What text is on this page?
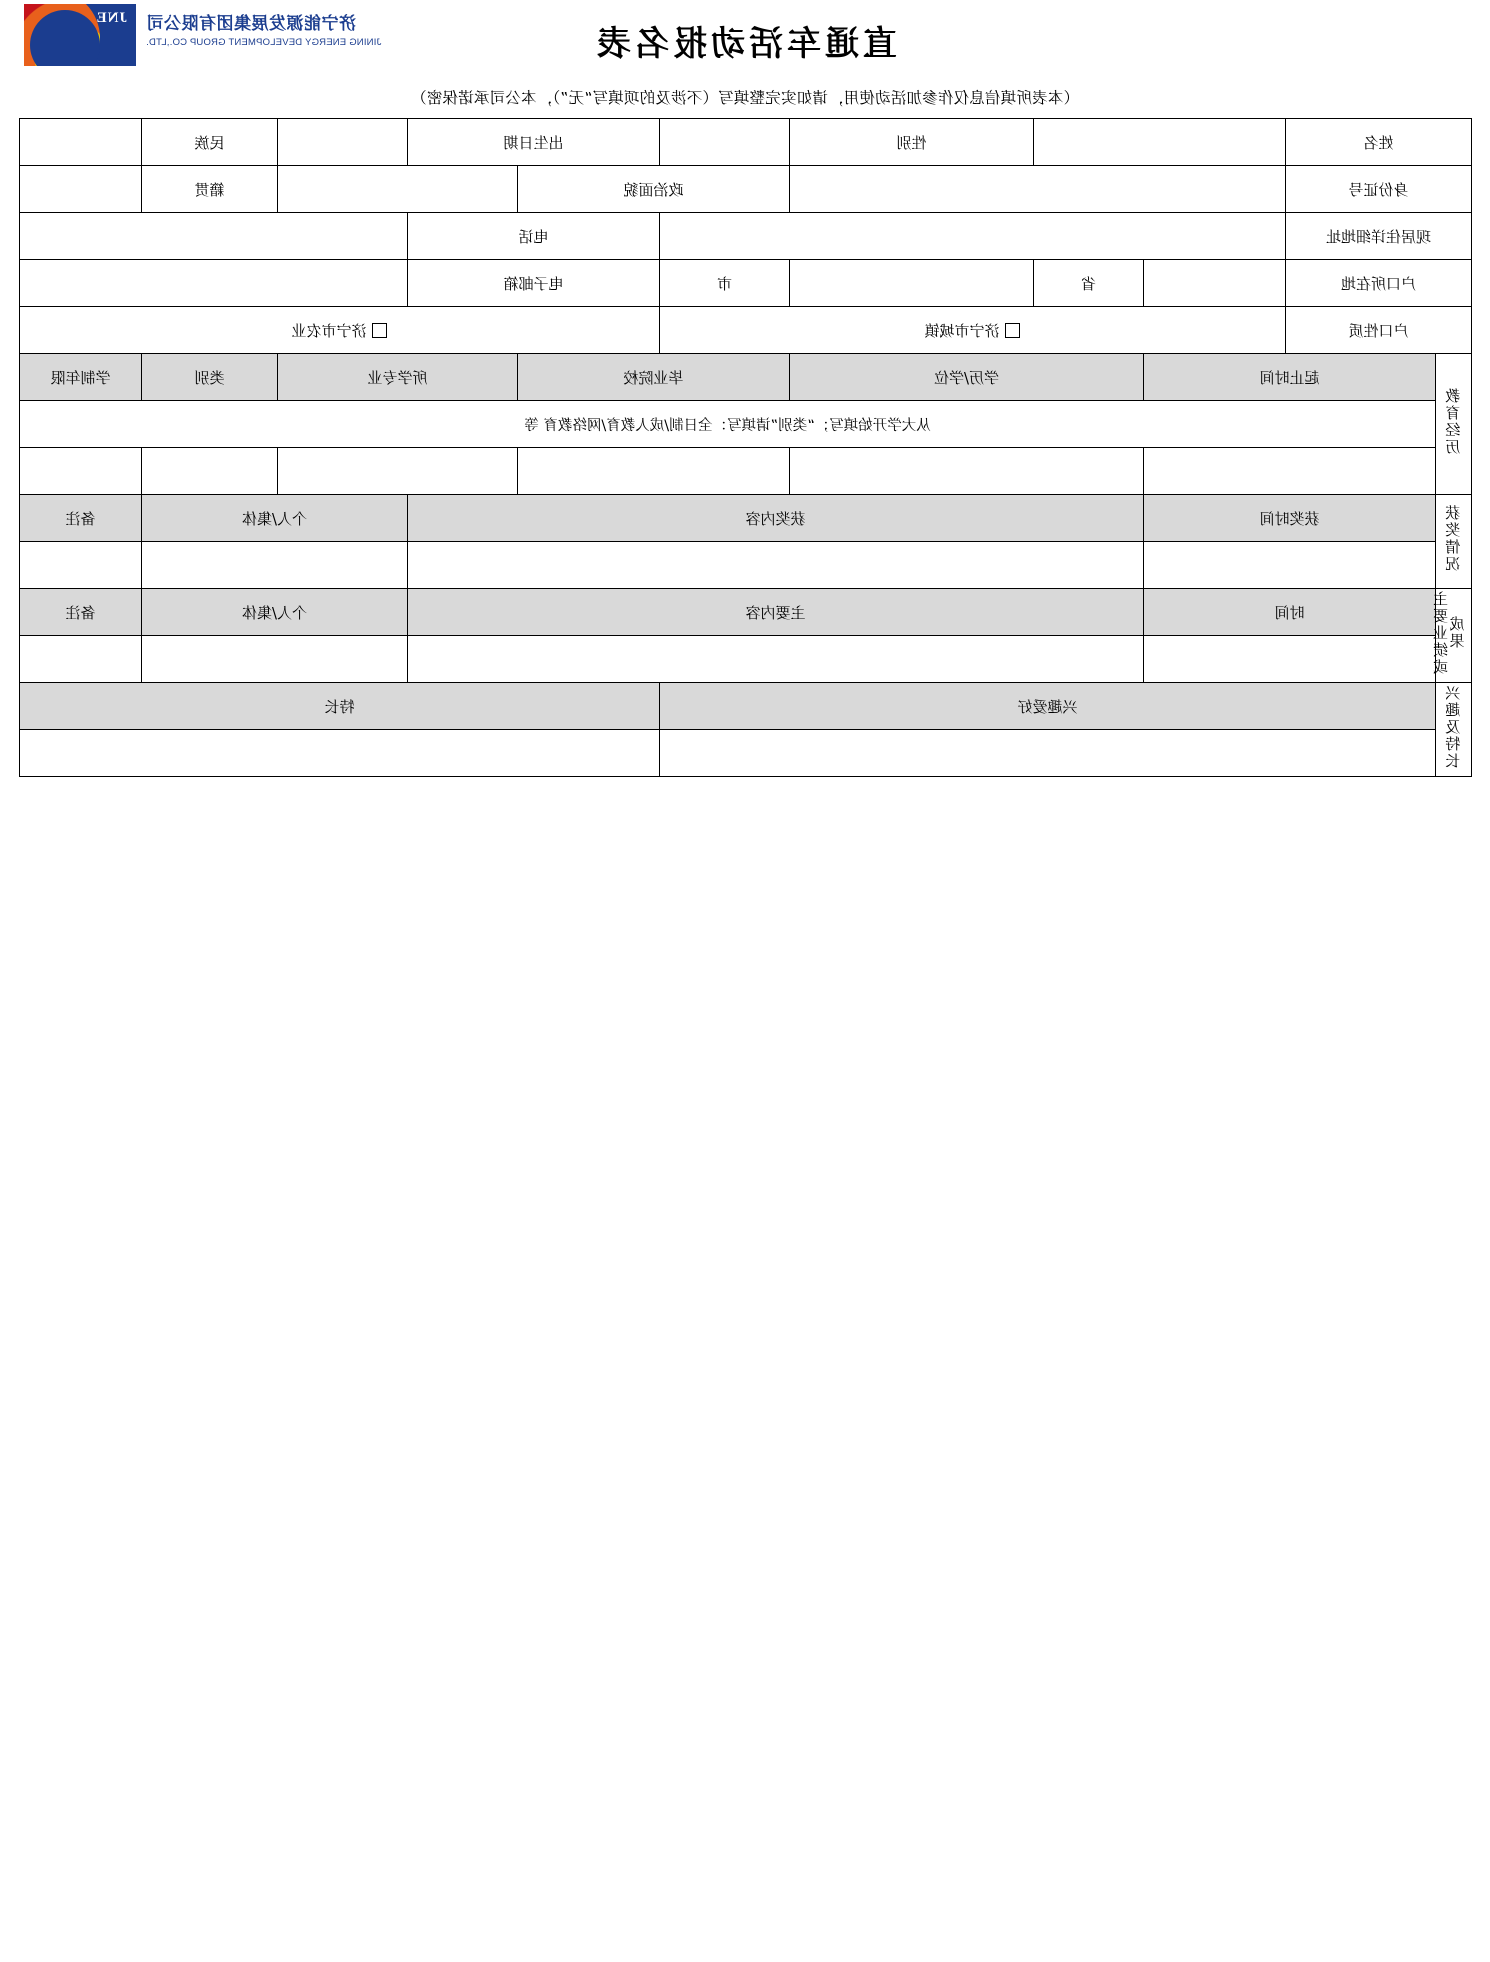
济宁能源发展集团有限公司
JINING ENERGY DEVELOPMENT GROUP CO.,LTD.
JNE
直通车活动报名表
（本表所填信息仅作参加活动使用，请如实完整填写（不涉及的项填写“无”），本公司承诺保密）
姓名				性别		出生日期			民族	
身份证号					政治面貌				籍贯	
现居住详细地址						电话				
户口所在地			省		市	电子邮箱				
户口性质		济宁市城镇				济宁市农业				
教育经历	起止时间		学历/学位		毕业院校		所学专业		类别	学制年限
	从大学开始填写；“类别”请填写：全日制/成人教育/网络教育 等									

获奖情况	获奖时间		获奖内容					个人/集体		备注

主要业绩或成果	时间		主要内容					个人/集体		备注

兴趣及特长	兴趣爱好					特长				
